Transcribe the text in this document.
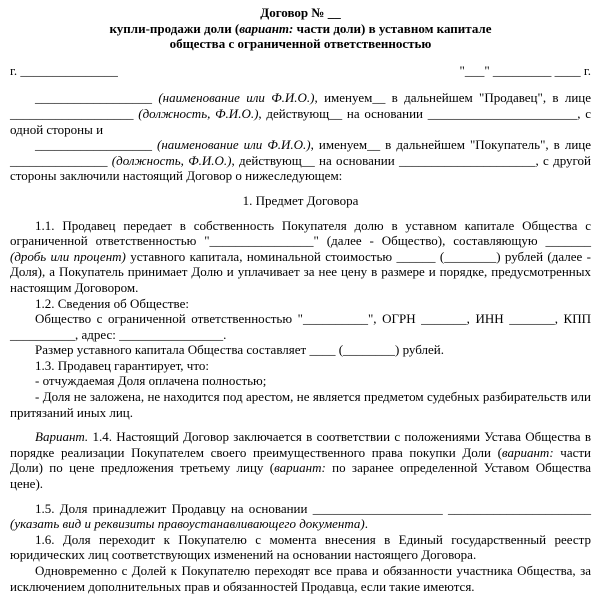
Договор № __

купли-продажи доли (вариант: части доли) в уставном капитале

общества с ограниченной ответственностью

г. _______________	"___" _________ ____ г.

__________________ (наименование или Ф.И.О.), именуем__ в дальнейшем "Продавец", в лице ___________________ (должность, Ф.И.О.), действующ__ на основании _______________________, с одной стороны и

__________________ (наименование или Ф.И.О.), именуем__ в дальнейшем "Покупатель", в лице _______________ (должность, Ф.И.О.), действующ__ на основании _____________________, с другой стороны заключили настоящий Договор о нижеследующем:

1. Предмет Договора

1.1. Продавец передает в собственность Покупателя долю в уставном капитале Общества с ограниченной ответственностью "________________" (далее - Общество), составляющую _______ (дробь или процент) уставного капитала, номинальной стоимостью ______ (________) рублей (далее - Доля), а Покупатель принимает Долю и уплачивает за нее цену в размере и порядке, предусмотренных настоящим Договором.

1.2. Сведения об Обществе:

Общество с ограниченной ответственностью "__________", ОГРН _______, ИНН _______, КПП __________, адрес: ________________.

Размер уставного капитала Общества составляет ____ (________) рублей.

1.3. Продавец гарантирует, что:

- отчуждаемая Доля оплачена полностью;

- Доля не заложена, не находится под арестом, не является предметом судебных разбирательств или притязаний иных лиц.

Вариант. 1.4. Настоящий Договор заключается в соответствии с положениями Устава Общества в порядке реализации Покупателем своего преимущественного права покупки Доли (вариант: части Доли) по цене предложения третьему лицу (вариант: по заранее определенной Уставом Общества цене).

1.5. Доля принадлежит Продавцу на основании ____________________ ______________________ (указать вид и реквизиты правоустанавливающего документа).

1.6. Доля переходит к Покупателю с момента внесения в Единый государственный реестр юридических лиц соответствующих изменений на основании настоящего Договора.

Одновременно с Долей к Покупателю переходят все права и обязанности участника Общества, за исключением дополнительных прав и обязанностей Продавца, если такие имеются.
